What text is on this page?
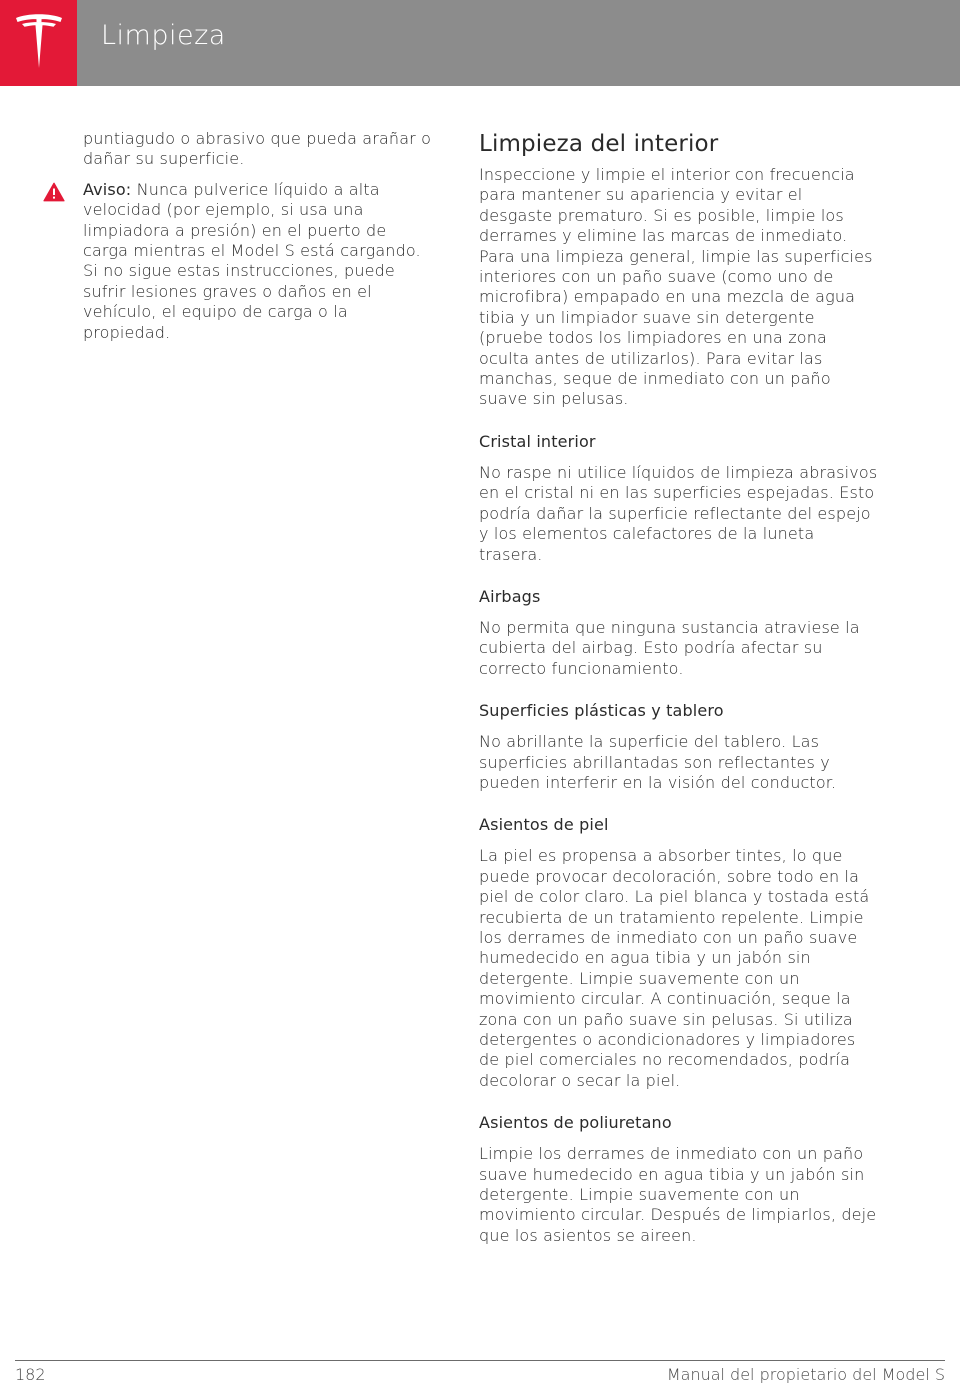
Limpieza

puntiagudo o abrasivo que pueda arañar o dañar su superficie.

Aviso: Nunca pulverice líquido a alta velocidad (por ejemplo, si usa una limpiadora a presión) en el puerto de carga mientras el Model S está cargando. Si no sigue estas instrucciones, puede sufrir lesiones graves o daños en el vehículo, el equipo de carga o la propiedad.

Limpieza del interior

Inspeccione y limpie el interior con frecuencia para mantener su apariencia y evitar el desgaste prematuro. Si es posible, limpie los derrames y elimine las marcas de inmediato. Para una limpieza general, limpie las superficies interiores con un paño suave (como uno de microfibra) empapado en una mezcla de agua tibia y un limpiador suave sin detergente (pruebe todos los limpiadores en una zona oculta antes de utilizarlos). Para evitar las manchas, seque de inmediato con un paño suave sin pelusas.

Cristal interior

No raspe ni utilice líquidos de limpieza abrasivos en el cristal ni en las superficies espejadas. Esto podría dañar la superficie reflectante del espejo y los elementos calefactores de la luneta trasera.

Airbags

No permita que ninguna sustancia atraviese la cubierta del airbag. Esto podría afectar su correcto funcionamiento.

Superficies plásticas y tablero

No abrillante la superficie del tablero. Las superficies abrillantadas son reflectantes y pueden interferir en la visión del conductor.

Asientos de piel

La piel es propensa a absorber tintes, lo que puede provocar decoloración, sobre todo en la piel de color claro. La piel blanca y tostada está recubierta de un tratamiento repelente. Limpie los derrames de inmediato con un paño suave humedecido en agua tibia y un jabón sin detergente. Limpie suavemente con un movimiento circular. A continuación, seque la zona con un paño suave sin pelusas. Si utiliza detergentes o acondicionadores y limpiadores de piel comerciales no recomendados, podría decolorar o secar la piel.

Asientos de poliuretano

Limpie los derrames de inmediato con un paño suave humedecido en agua tibia y un jabón sin detergente. Limpie suavemente con un movimiento circular. Después de limpiarlos, deje que los asientos se aireen.

182	Manual del propietario del Model S
